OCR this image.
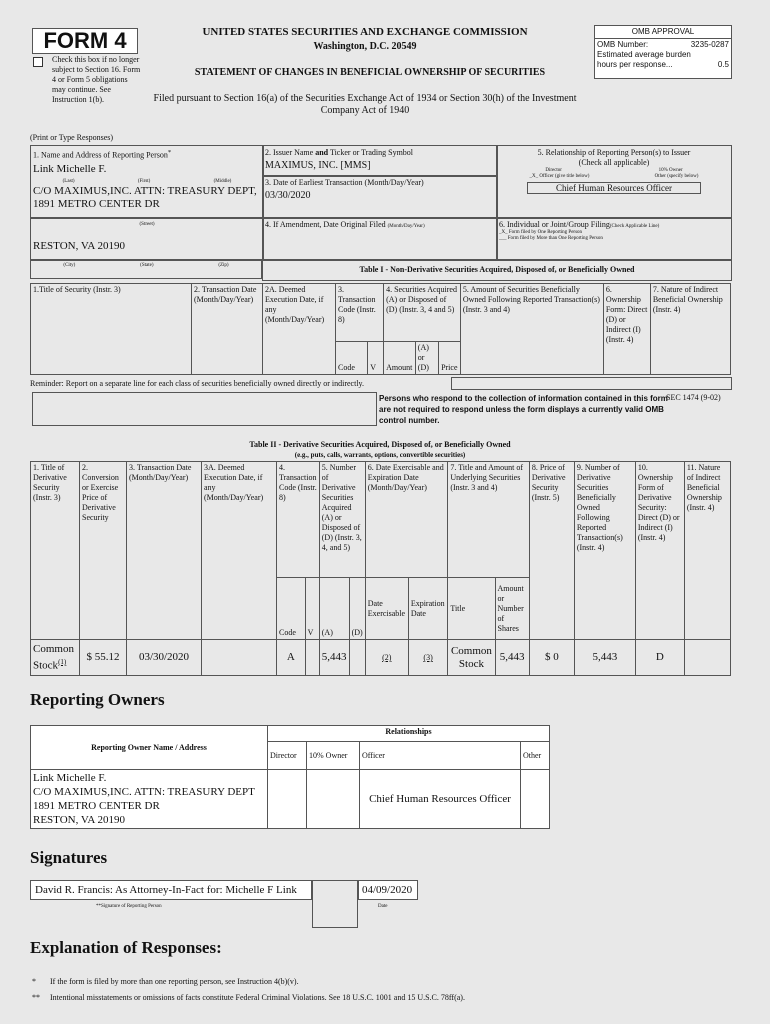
FORM 4
Check this box if no longer subject to Section 16. Form 4 or Form 5 obligations may continue. See Instruction 1(b).
UNITED STATES SECURITIES AND EXCHANGE COMMISSION
Washington, D.C. 20549
STATEMENT OF CHANGES IN BENEFICIAL OWNERSHIP OF SECURITIES
Filed pursuant to Section 16(a) of the Securities Exchange Act of 1934 or Section 30(h) of the Investment Company Act of 1940
OMB APPROVAL
OMB Number:	3235-0287
Estimated average burden
hours per response...	0.5
(Print or Type Responses)
1. Name and Address of Reporting Person*
Link Michelle F.
(Last)	(First)	(Middle)
C/O MAXIMUS,INC. ATTN: TREASURY DEPT, 1891 METRO CENTER DR
(Street)
RESTON, VA 20190
(City)	(State)	(Zip)
2. Issuer Name and Ticker or Trading Symbol
MAXIMUS, INC. [MMS]
3. Date of Earliest Transaction (Month/Day/Year)
03/30/2020
4. If Amendment, Date Original Filed (Month/Day/Year)
5. Relationship of Reporting Person(s) to Issuer
(Check all applicable)
Director	10% Owner
_X_ Officer (give title below)	Other (specify below)
Chief Human Resources Officer
6. Individual or Joint/Group Filing(Check Applicable Line)
_X_ Form filed by One Reporting Person
___ Form filed by More than One Reporting Person
Table I - Non-Derivative Securities Acquired, Disposed of, or Beneficially Owned
1.Title of Security (Instr. 3)	2. Transaction Date (Month/Day/Year)	2A. Deemed Execution Date, if any (Month/Day/Year)	3. Transaction Code (Instr. 8)		4. Securities Acquired (A) or Disposed of (D) (Instr. 3, 4 and 5)			5. Amount of Securities Beneficially Owned Following Reported Transaction(s) (Instr. 3 and 4)	6. Ownership Form: Direct (D) or Indirect (I) (Instr. 4)	7. Nature of Indirect Beneficial Ownership (Instr. 4)
			Code	V	Amount	(A) or (D)	Price			
Reminder: Report on a separate line for each class of securities beneficially owned directly or indirectly.
Persons who respond to the collection of information contained in this form are not required to respond unless the form displays a currently valid OMB control number.
SEC 1474 (9-02)
Table II - Derivative Securities Acquired, Disposed of, or Beneficially Owned
(e.g., puts, calls, warrants, options, convertible securities)
1. Title of Derivative Security (Instr. 3)	2. Conversion or Exercise Price of Derivative Security	3. Transaction Date (Month/Day/Year)	3A. Deemed Execution Date, if any (Month/Day/Year)	4. Transaction Code (Instr. 8)		5. Number of Derivative Securities Acquired (A) or Disposed of (D) (Instr. 3, 4, and 5)		6. Date Exercisable and Expiration Date (Month/Day/Year)		7. Title and Amount of Underlying Securities (Instr. 3 and 4)		8. Price of Derivative Security (Instr. 5)	9. Number of Derivative Securities Beneficially Owned Following Reported Transaction(s) (Instr. 4)	10. Ownership Form of Derivative Security: Direct (D) or Indirect (I) (Instr. 4)	11. Nature of Indirect Beneficial Ownership (Instr. 4)
				Code	V	(A)	(D)	Date Exercisable	Expiration Date	Title	Amount or Number of Shares				
Common Stock$^{(1)}$	$ 55.12	03/30/2020		A		5,443		(2)	(3)	Common Stock	5,443	$ 0	5,443	D	
Reporting Owners
Reporting Owner Name / Address	Relationships			
	Director	10% Owner	Officer	Other

Link Michelle F.
C/O MAXIMUS,INC. ATTN: TREASURY DEPT
1891 METRO CENTER DR
RESTON, VA 20190			Chief Human Resources Officer	
Signatures
David R. Francis: As Attorney-In-Fact for: Michelle F Link	04/09/2020
**Signature of Reporting Person	Date
Explanation of Responses:
*	If the form is filed by more than one reporting person, see Instruction 4(b)(v).
**	Intentional misstatements or omissions of facts constitute Federal Criminal Violations. See 18 U.S.C. 1001 and 15 U.S.C. 78ff(a).
